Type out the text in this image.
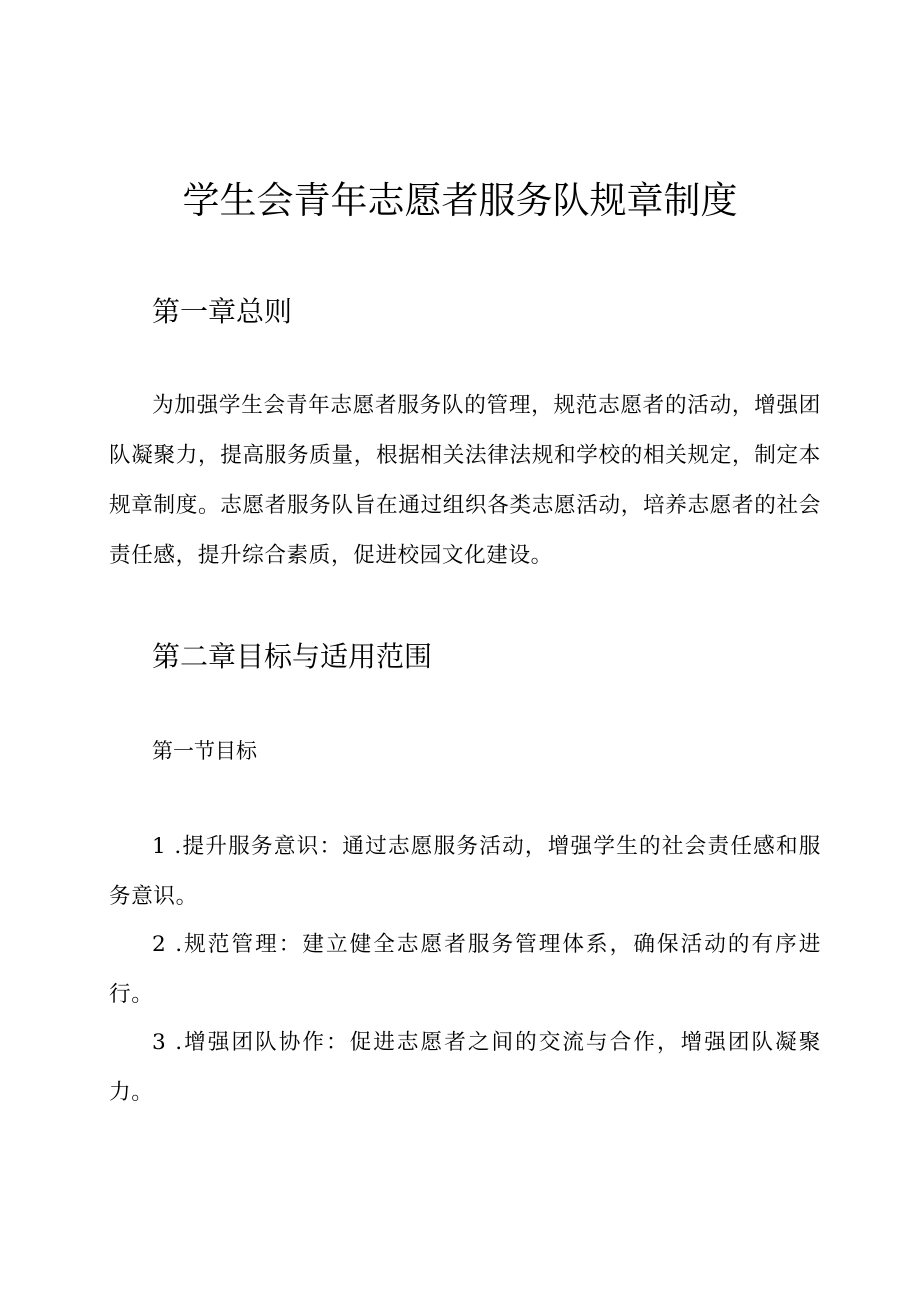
学生会青年志愿者服务队规章制度
第一章总则

为加强学生会青年志愿者服务队的管理，规范志愿者的活动，增强团队凝聚力，提高服务质量，根据相关法律法规和学校的相关规定，制定本规章制度。志愿者服务队旨在通过组织各类志愿活动，培养志愿者的社会责任感，提升综合素质，促进校园文化建设。

第二章目标与适用范围
第一节目标

1 .提升服务意识：通过志愿服务活动，增强学生的社会责任感和服务意识。

2 .规范管理：建立健全志愿者服务管理体系，确保活动的有序进行。

3 .增强团队协作：促进志愿者之间的交流与合作，增强团队凝聚力。
